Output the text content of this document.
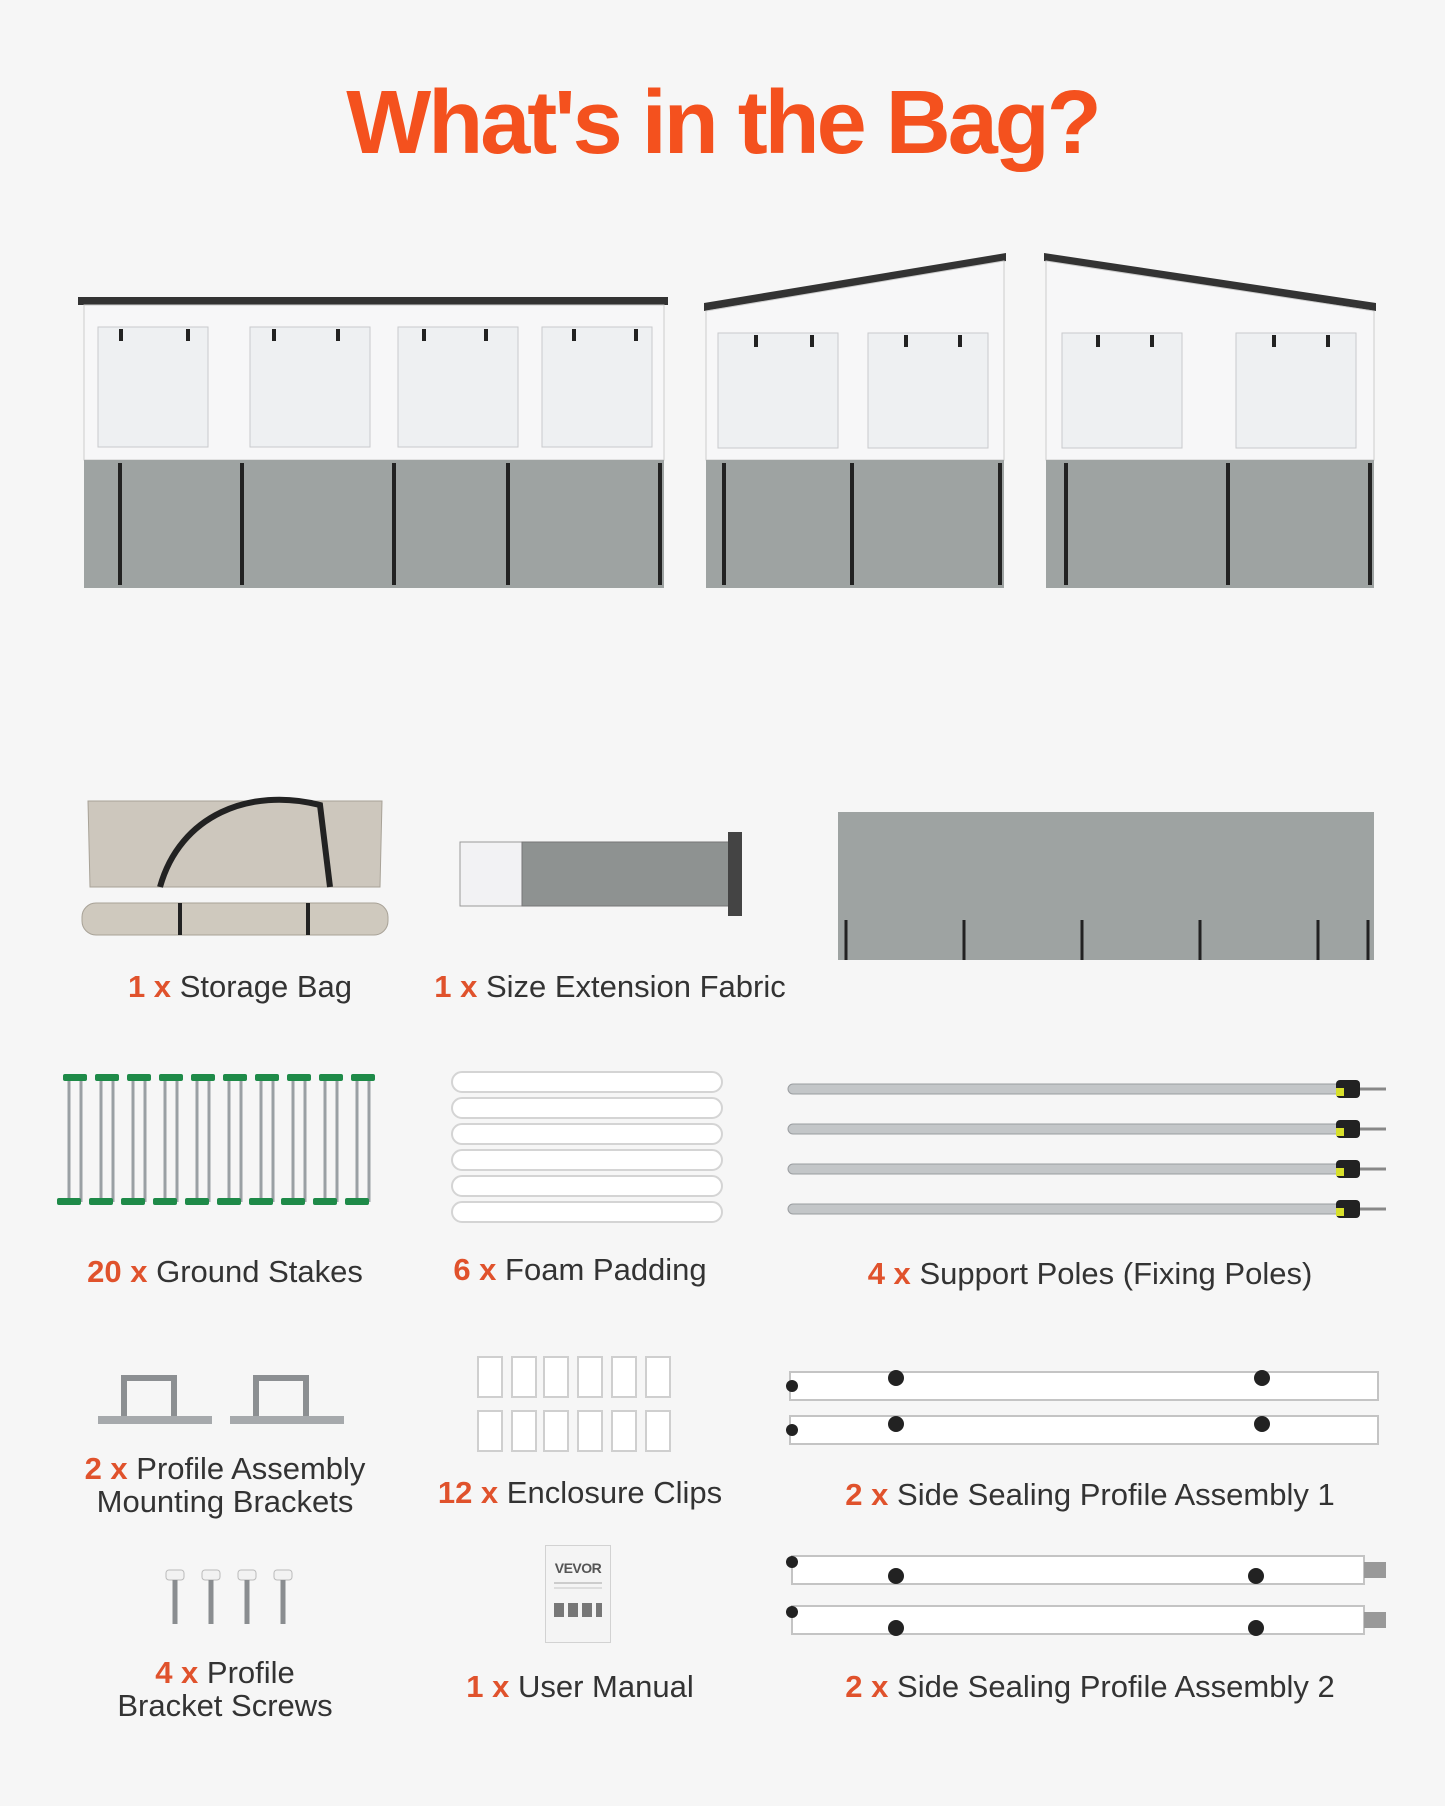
What's in the Bag?
1 x Storage Bag	1 x Size Extension Fabric
20 x Ground Stakes	6 x Foam Padding	4 x Support Poles (Fixing Poles)
2 x Profile Assembly
Mounting Brackets	12 x Enclosure Clips	2 x Side Sealing Profile Assembly 1
VEVOR
4 x Profile
Bracket Screws
1 x User Manual	2 x Side Sealing Profile Assembly 2
